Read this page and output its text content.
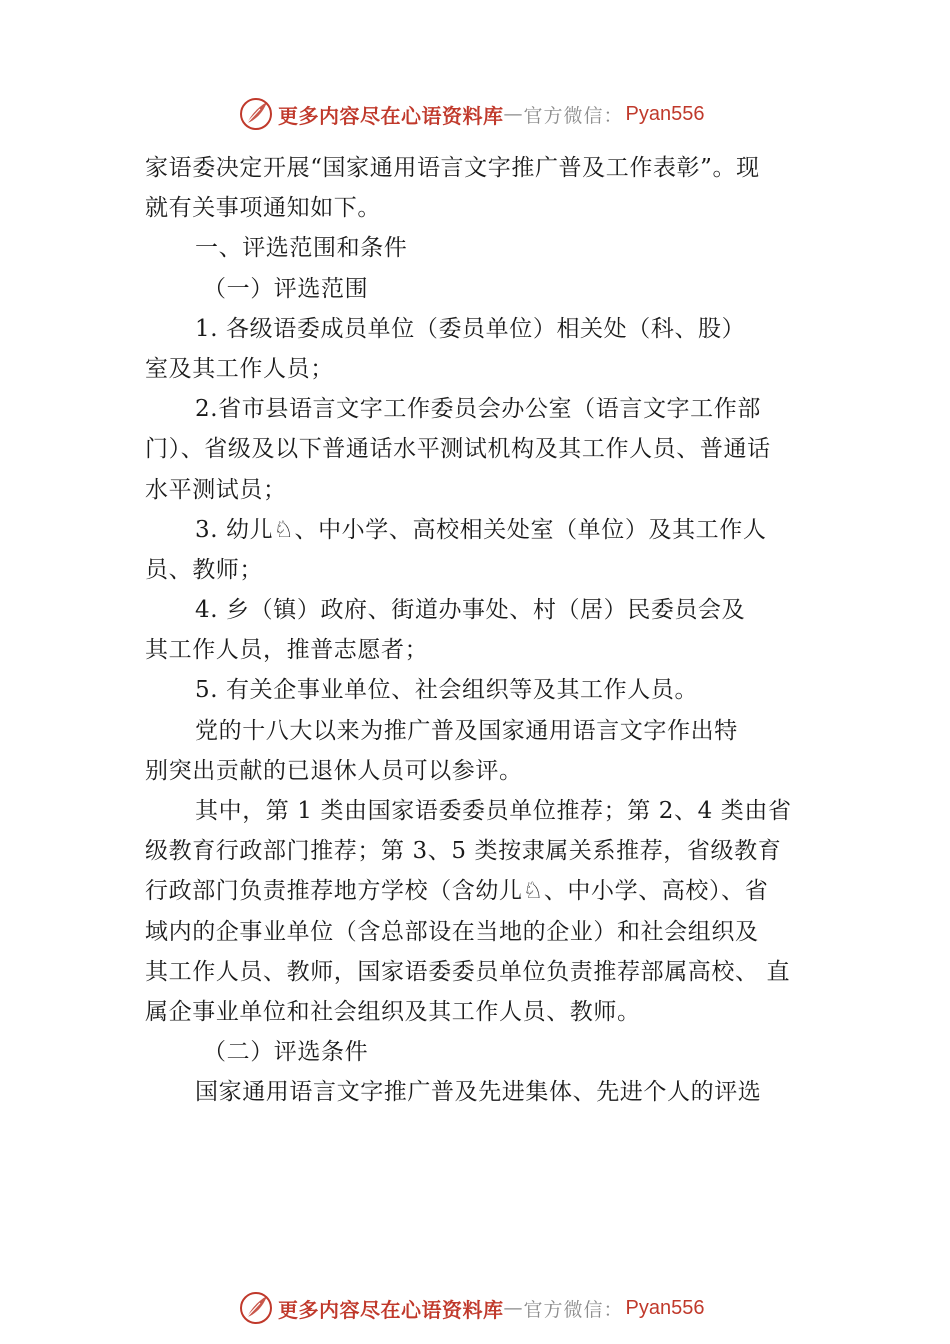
更多内容尽在心语资料库 — 官方微信： Pyan556
家语委决定开展“国家通用语言文字推广普及工作表彰”。现
就有关事项通知如下。
一、评选范围和条件
（一）评选范围
1. 各级语委成员单位（委员单位）相关处（科、股）
室及其工作人员；
2.省市县语言文字工作委员会办公室（语言文字工作部
门）、省级及以下普通话水平测试机构及其工作人员、普通话
水平测试员；
3. 幼儿♘、中小学、高校相关处室（单位）及其工作人
员、教师；
4. 乡（镇）政府、街道办事处、村（居）民委员会及
其工作人员，推普志愿者；
5. 有关企事业单位、社会组织等及其工作人员。
党的十八大以来为推广普及国家通用语言文字作出特
别突出贡献的已退休人员可以参评。
其中，第 1 类由国家语委委员单位推荐；第 2、4 类由省
级教育行政部门推荐；第 3、5 类按隶属关系推荐，省级教育
行政部门负责推荐地方学校（含幼儿♘、中小学、高校）、省
域内的企事业单位（含总部设在当地的企业）和社会组织及
其工作人员、教师，国家语委委员单位负责推荐部属高校、 直
属企事业单位和社会组织及其工作人员、教师。
（二）评选条件
国家通用语言文字推广普及先进集体、先进个人的评选
更多内容尽在心语资料库 — 官方微信： Pyan556
